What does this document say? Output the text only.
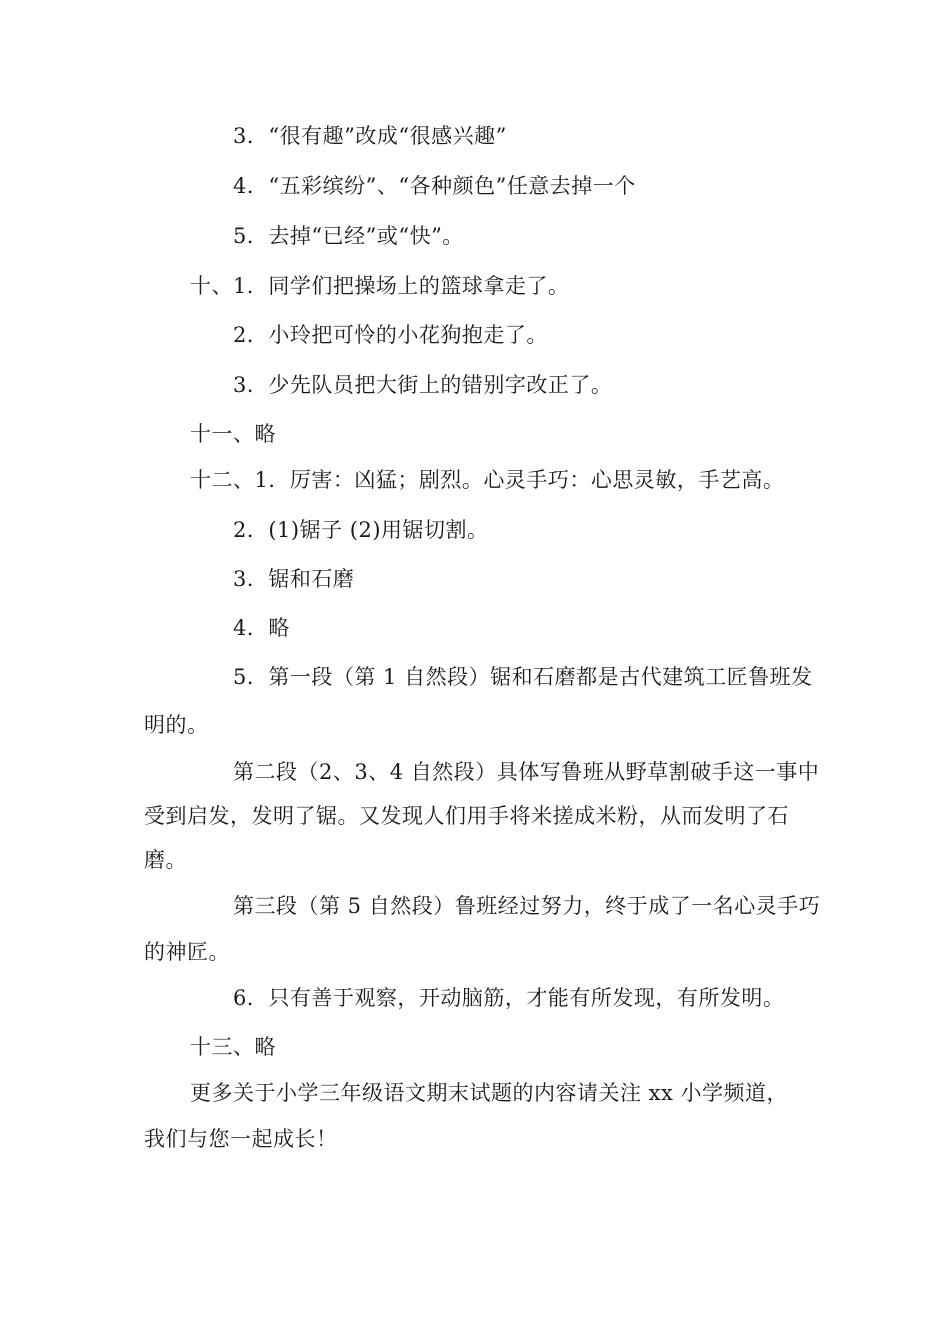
3．“很有趣”改成“很感兴趣”
4．“五彩缤纷”、“各种颜色”任意去掉一个
5．去掉“已经”或“快”。
十、1．同学们把操场上的篮球拿走了。
2．小玲把可怜的小花狗抱走了。
3．少先队员把大街上的错别字改正了。
十一、略
十二、1．厉害：凶猛；剧烈。心灵手巧：心思灵敏，手艺高。
2．(1)锯子 (2)用锯切割。
3．锯和石磨
4．略
5．第一段（第 1 自然段）锯和石磨都是古代建筑工匠鲁班发
明的。
第二段（2、3、4 自然段）具体写鲁班从野草割破手这一事中
受到启发，发明了锯。又发现人们用手将米搓成米粉，从而发明了石
磨。
第三段（第 5 自然段）鲁班经过努力，终于成了一名心灵手巧
的神匠。
6．只有善于观察，开动脑筋，才能有所发现，有所发明。
十三、略
更多关于小学三年级语文期末试题的内容请关注 xx 小学频道，
我们与您一起成长！
